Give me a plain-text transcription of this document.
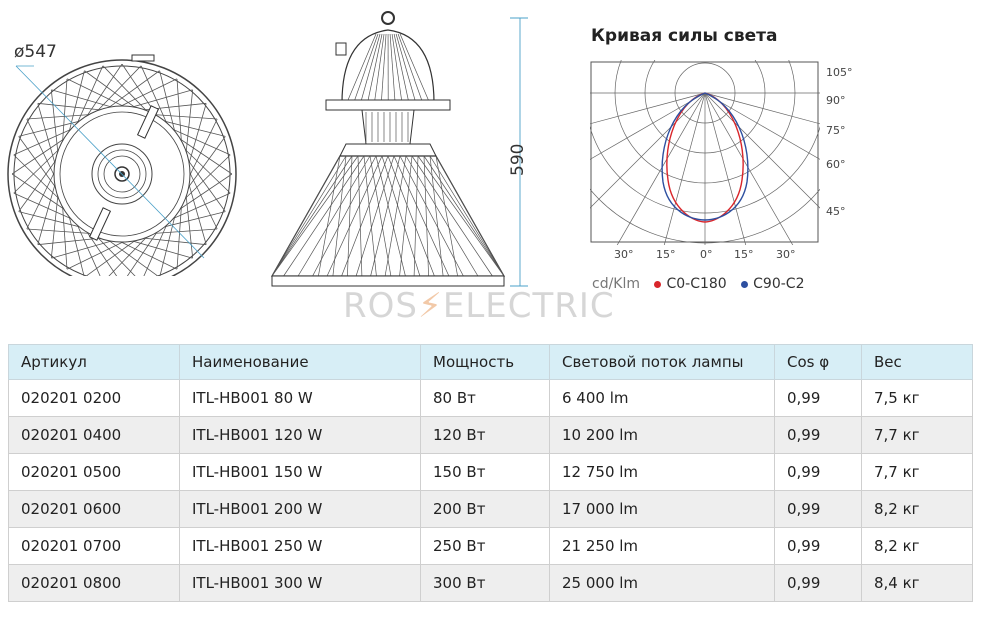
ø547
590
Кривая силы света
105°
90°
75°
60°
45°
30° 15° 0° 15° 30°
cd/Klm C0-C180 C90-C2
ROS⚡ELECTRIC
Артикул	Наименование	Мощность	Световой поток лампы	Cos φ	Вес
020201 0200	ITL-HB001 80 W	80 Вт	6 400 lm	0,99	7,5 кг
020201 0400	ITL-HB001 120 W	120 Вт	10 200 lm	0,99	7,7 кг
020201 0500	ITL-HB001 150 W	150 Вт	12 750 lm	0,99	7,7 кг
020201 0600	ITL-HB001 200 W	200 Вт	17 000 lm	0,99	8,2 кг
020201 0700	ITL-HB001 250 W	250 Вт	21 250 lm	0,99	8,2 кг
020201 0800	ITL-HB001 300 W	300 Вт	25 000 lm	0,99	8,4 кг
